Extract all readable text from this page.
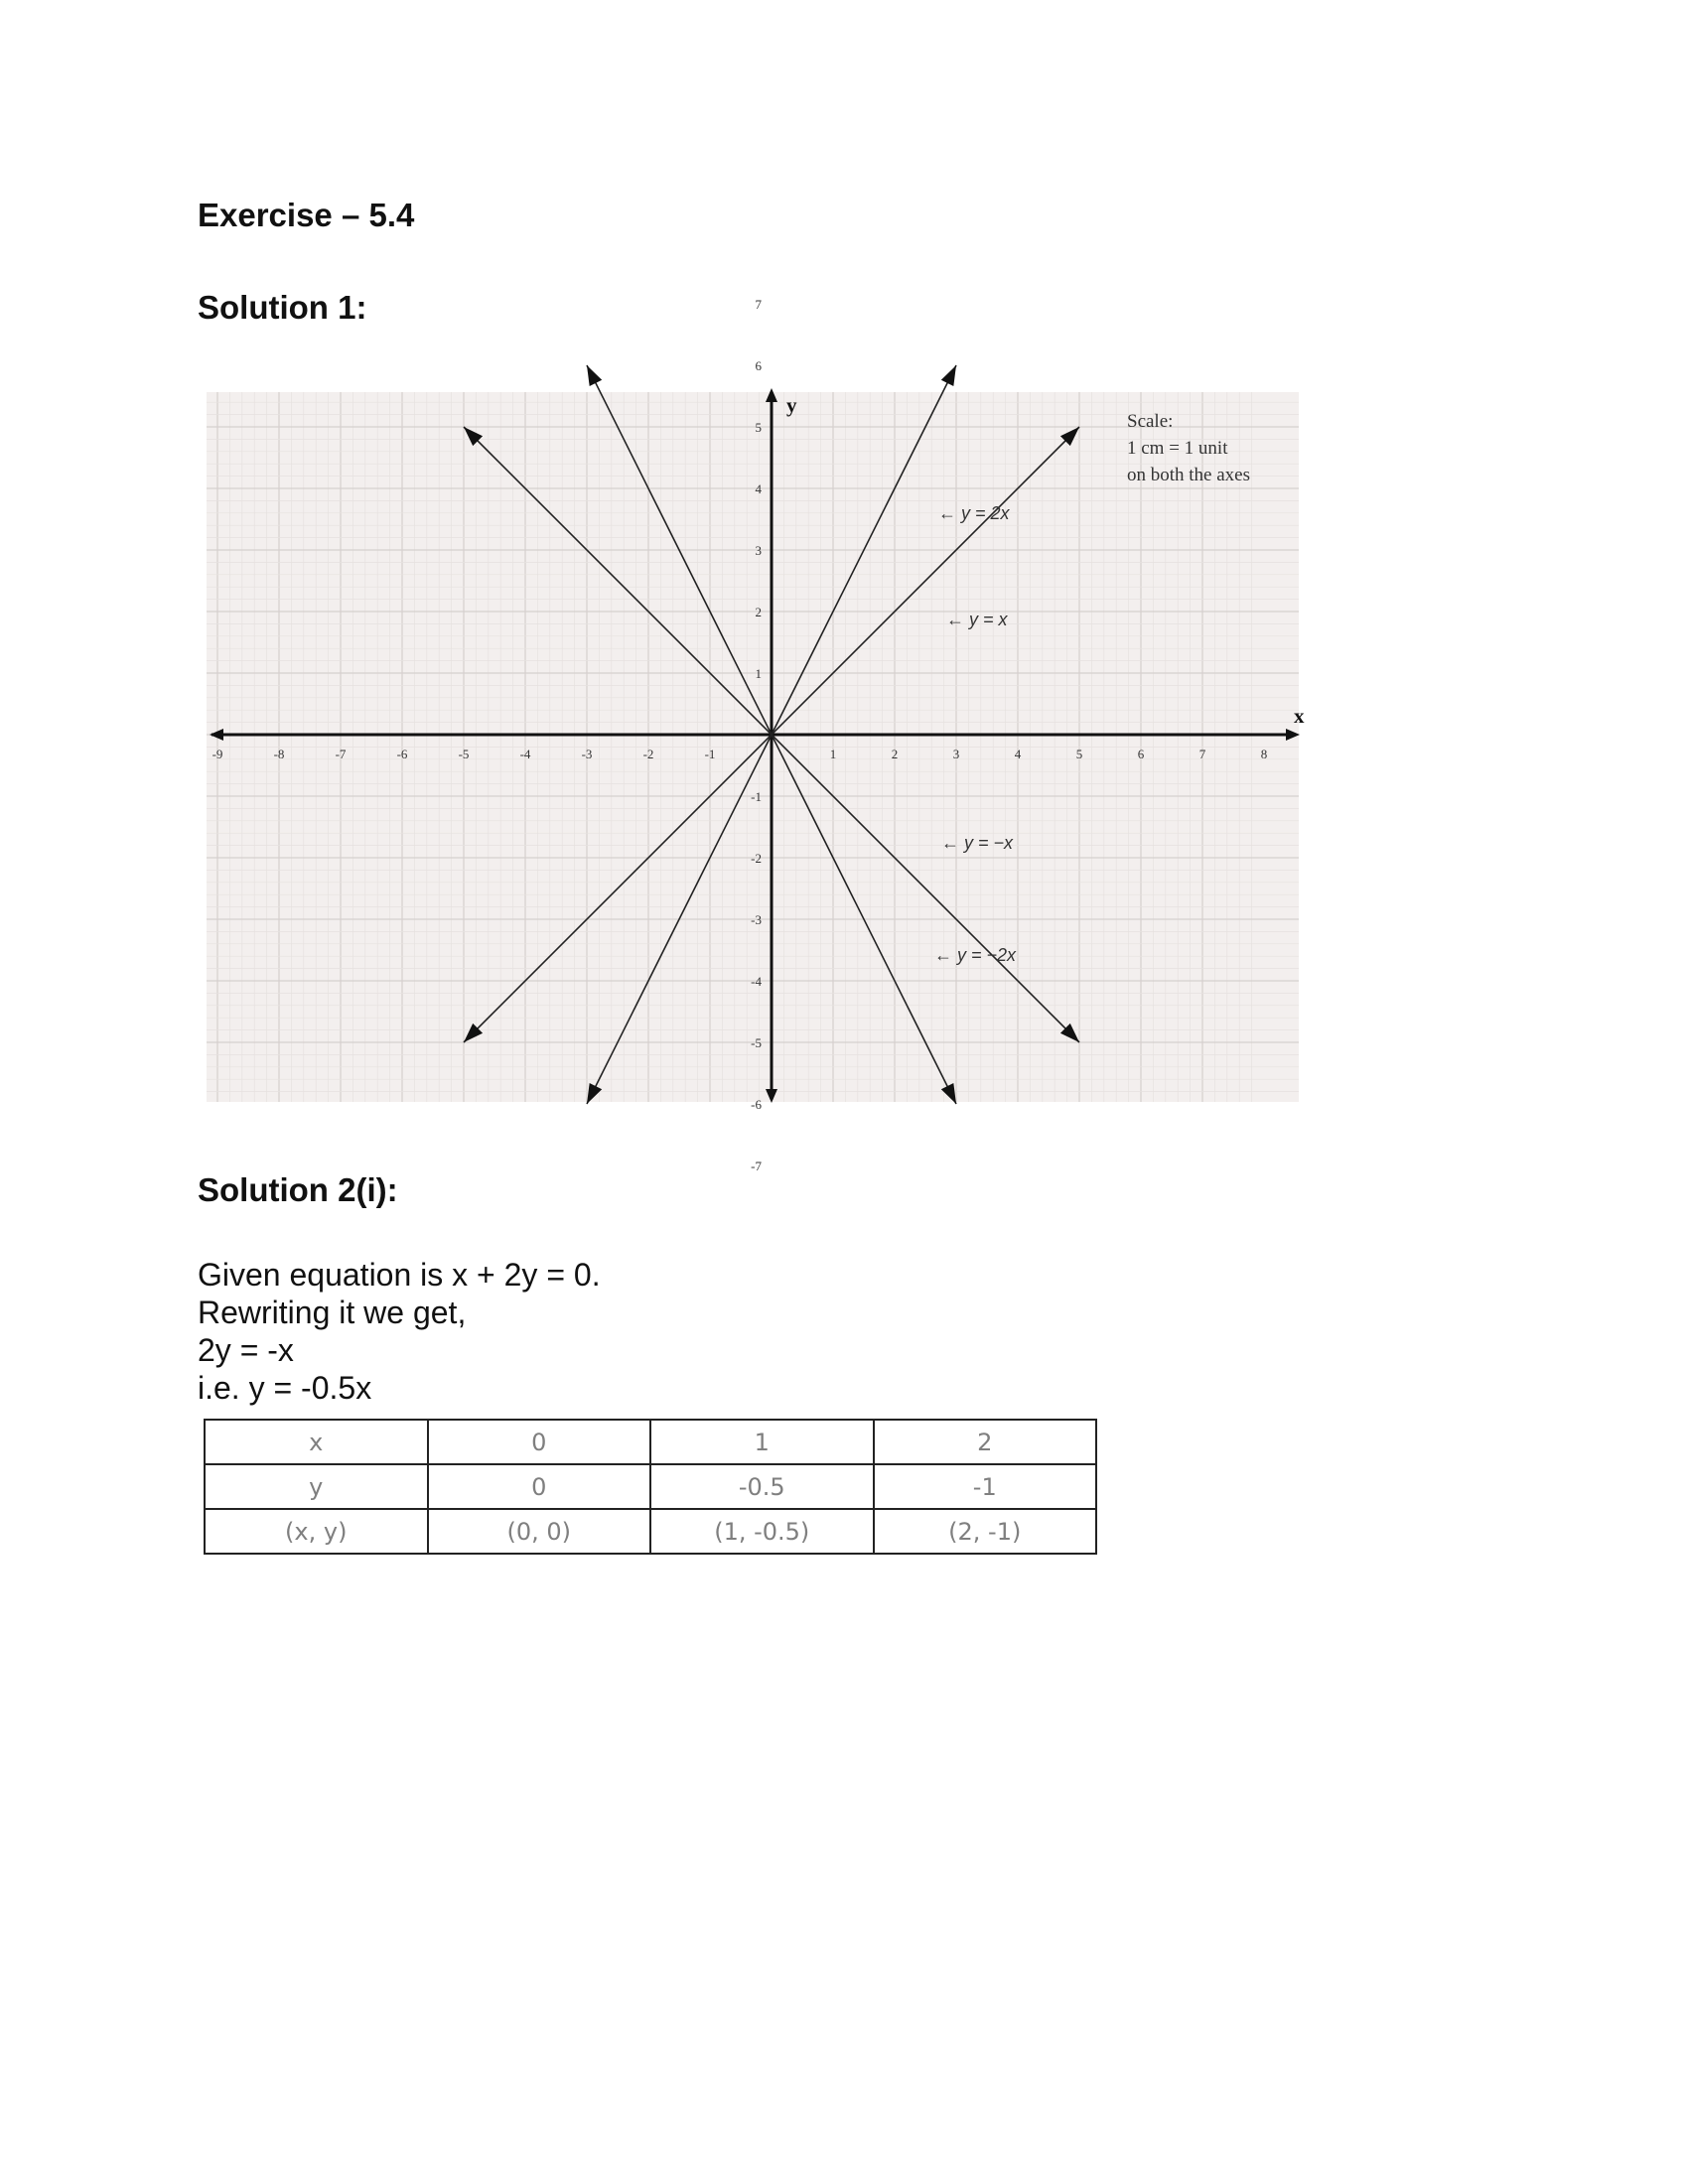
Exercise – 5.4
Solution 1:
-9	-8	-7	-6	-5	-4	-3	-2	-1	1	2	3	4	5	6	7	8
7
6
5
4
3
2
1
-1
-2
-3
-4
-5
-6
-7
x
y
Scale:
1 cm = 1 unit
on both the axes
← y = 2x
← y = x
← y = −x
← y = −2x
Solution 2(i):
Given equation is x + 2y = 0.
Rewriting it we get,
2y = -x
i.e. y = -0.5x
x	0	1	2
y	0	-0.5	-1
(x, y)	(0, 0)	(1, -0.5)	(2, -1)
